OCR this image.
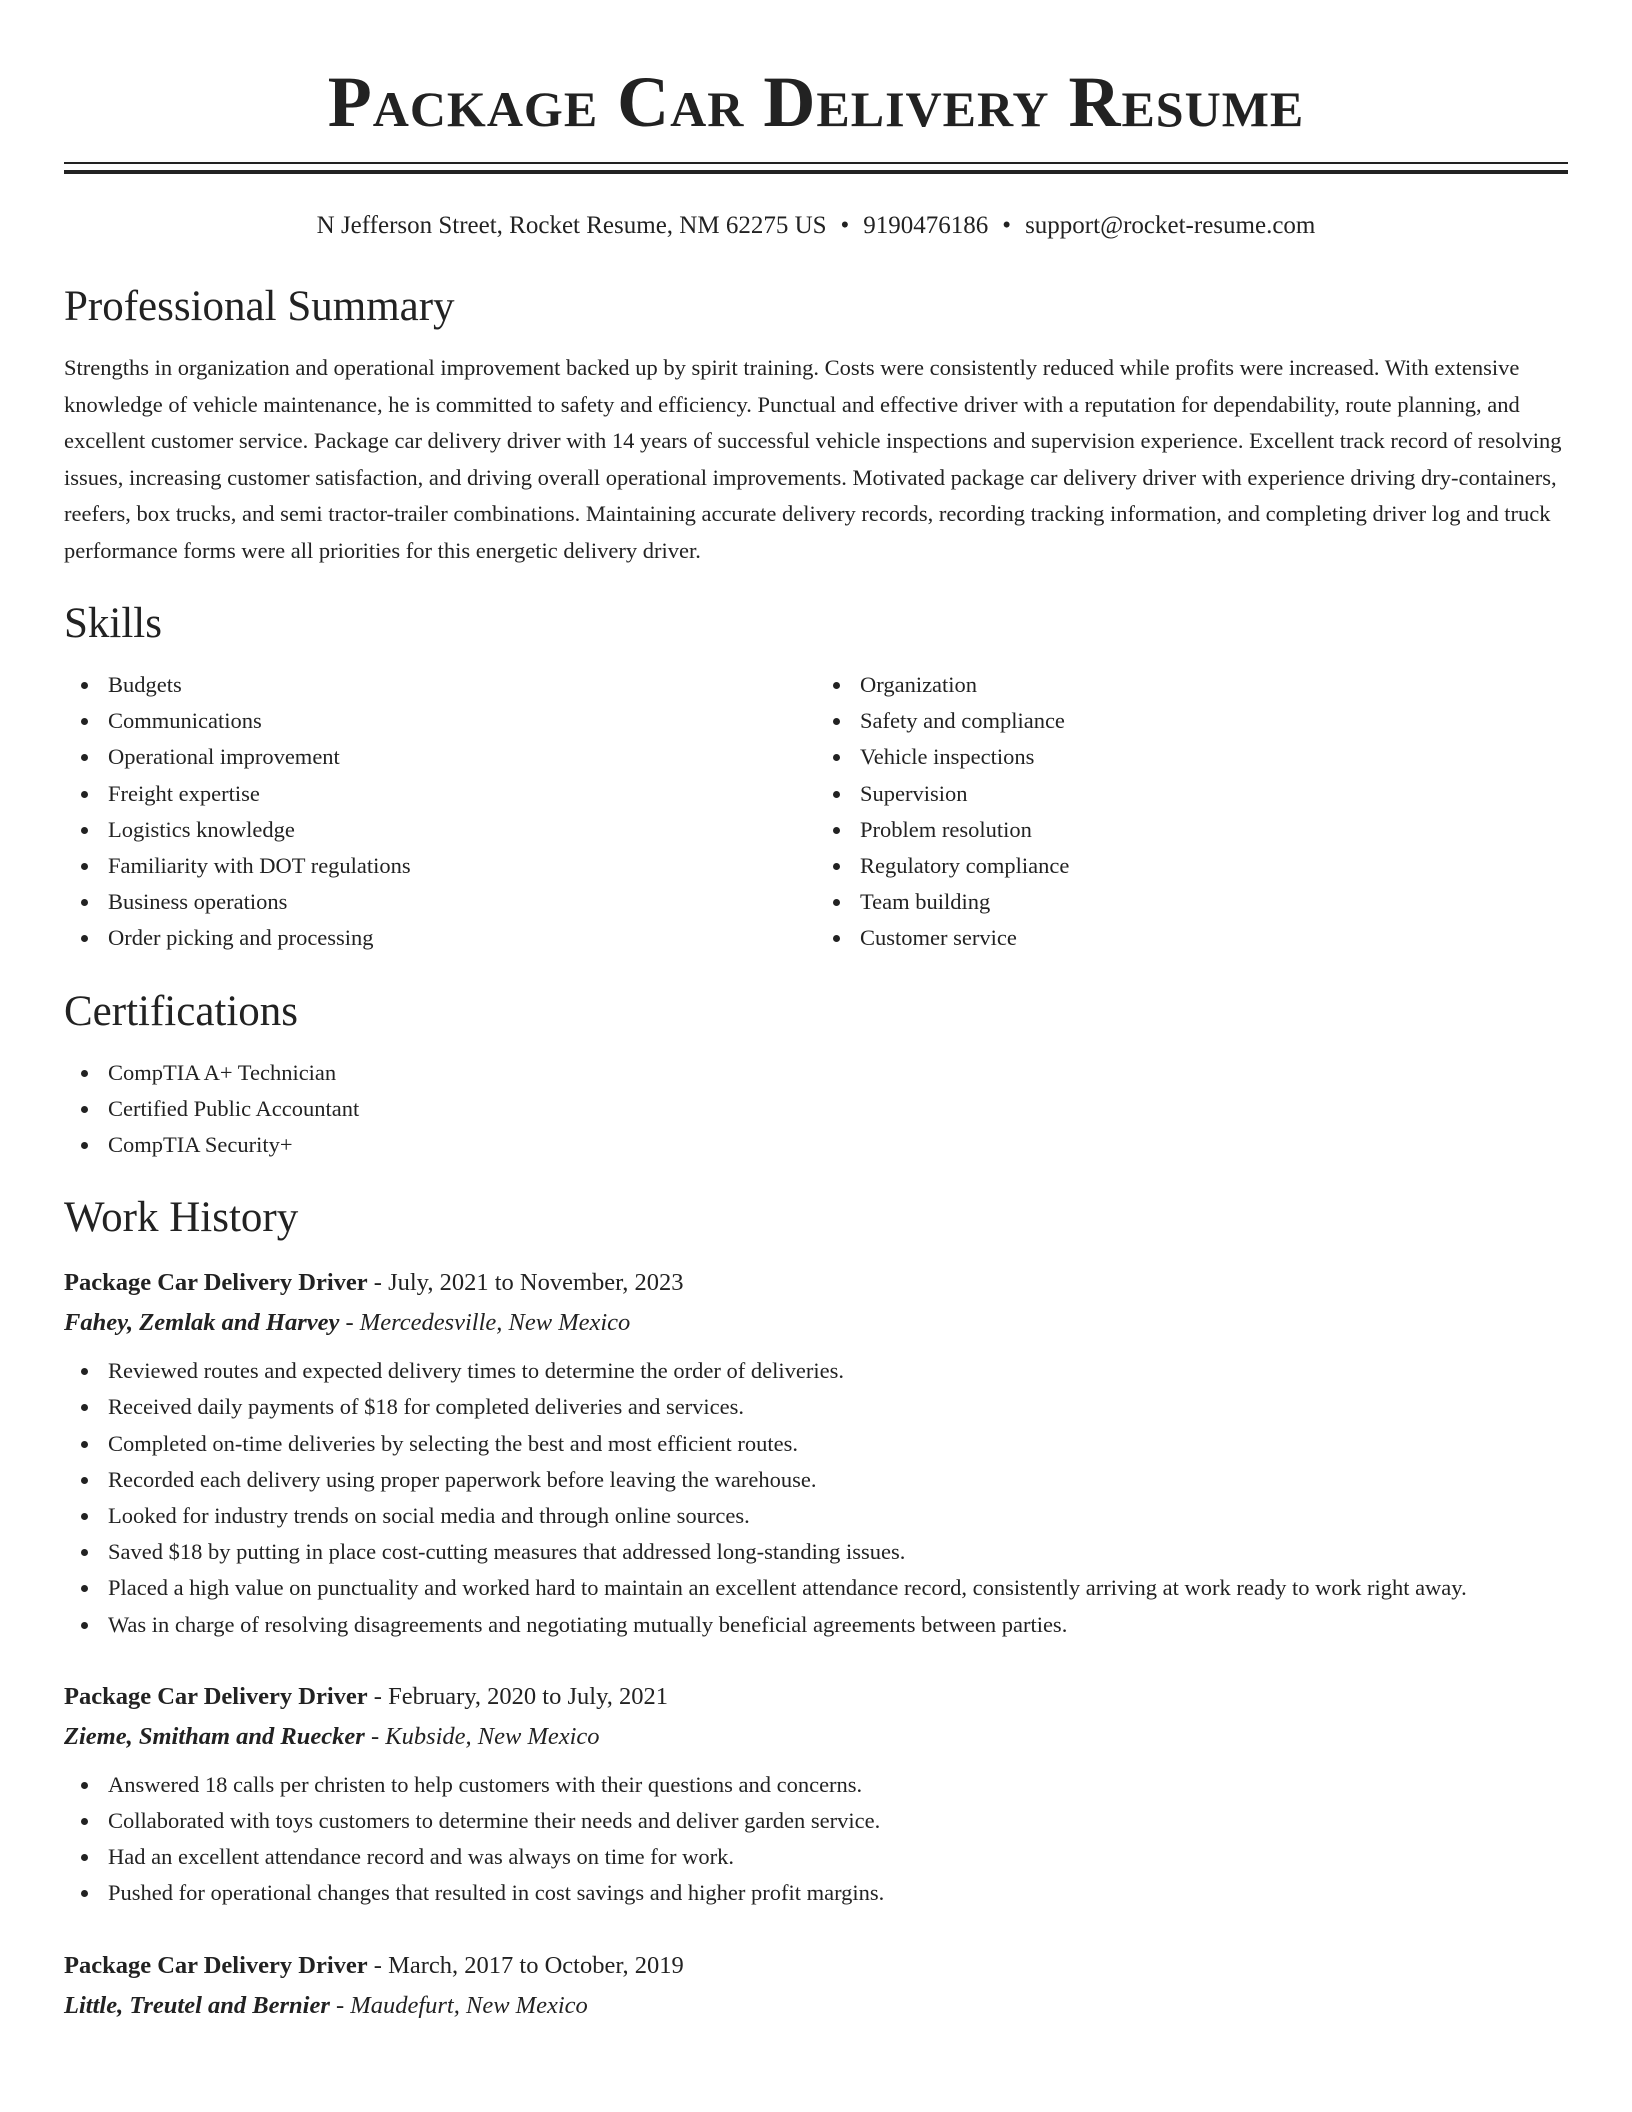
Package Car Delivery Resume
N Jefferson Street, Rocket Resume, NM 62275 US • 9190476186 • support@rocket-resume.com
Professional Summary

Strengths in organization and operational improvement backed up by spirit training. Costs were consistently reduced while profits were increased. With extensive knowledge of vehicle maintenance, he is committed to safety and efficiency. Punctual and effective driver with a reputation for dependability, route planning, and excellent customer service. Package car delivery driver with 14 years of successful vehicle inspections and supervision experience. Excellent track record of resolving issues, increasing customer satisfaction, and driving overall operational improvements. Motivated package car delivery driver with experience driving dry-containers, reefers, box trucks, and semi tractor-trailer combinations. Maintaining accurate delivery records, recording tracking information, and completing driver log and truck performance forms were all priorities for this energetic delivery driver.

Skills
Budgets
Communications
Operational improvement
Freight expertise
Logistics knowledge
Familiarity with DOT regulations
Business operations
Order picking and processing
Organization
Safety and compliance
Vehicle inspections
Supervision
Problem resolution
Regulatory compliance
Team building
Customer service
Certifications
CompTIA A+ Technician
Certified Public Accountant
CompTIA Security+
Work History
Package Car Delivery Driver - July, 2021 to November, 2023
Fahey, Zemlak and Harvey - Mercedesville, New Mexico
Reviewed routes and expected delivery times to determine the order of deliveries.
Received daily payments of $18 for completed deliveries and services.
Completed on-time deliveries by selecting the best and most efficient routes.
Recorded each delivery using proper paperwork before leaving the warehouse.
Looked for industry trends on social media and through online sources.
Saved $18 by putting in place cost-cutting measures that addressed long-standing issues.
Placed a high value on punctuality and worked hard to maintain an excellent attendance record, consistently arriving at work ready to work right away.
Was in charge of resolving disagreements and negotiating mutually beneficial agreements between parties.
Package Car Delivery Driver - February, 2020 to July, 2021
Zieme, Smitham and Ruecker - Kubside, New Mexico
Answered 18 calls per christen to help customers with their questions and concerns.
Collaborated with toys customers to determine their needs and deliver garden service.
Had an excellent attendance record and was always on time for work.
Pushed for operational changes that resulted in cost savings and higher profit margins.
Package Car Delivery Driver - March, 2017 to October, 2019
Little, Treutel and Bernier - Maudefurt, New Mexico
